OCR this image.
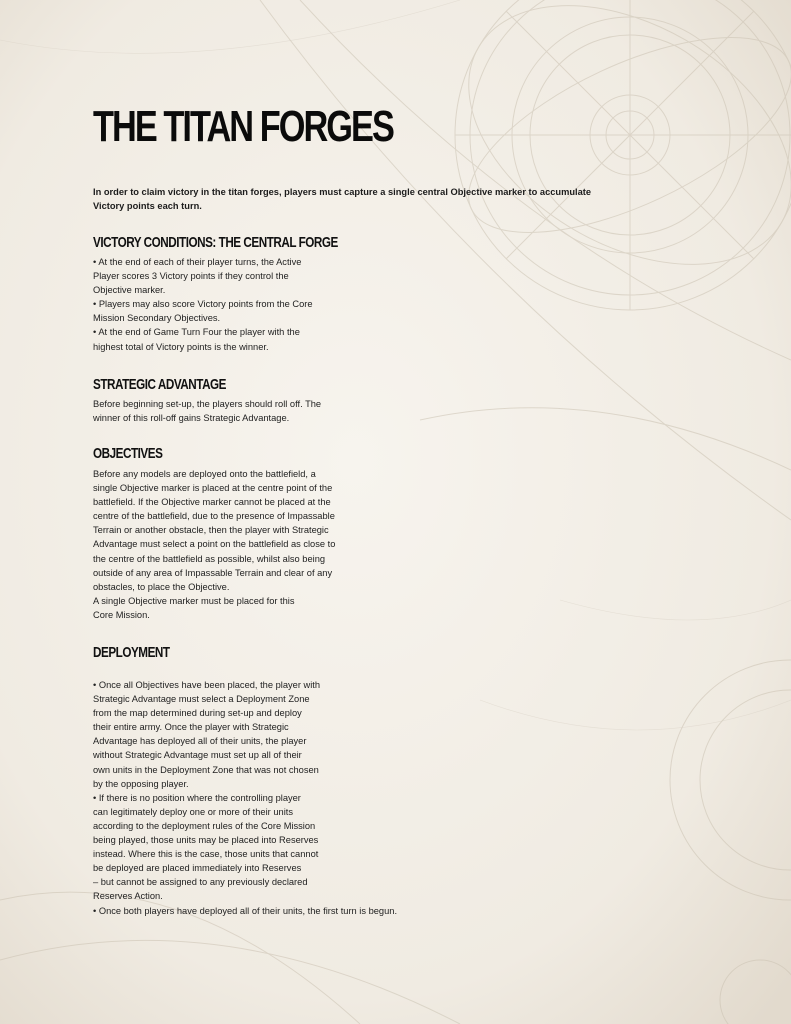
THE TITAN FORGES

In order to claim victory in the titan forges, players must capture a single central Objective marker to accumulate
Victory points each turn.

VICTORY CONDITIONS: THE CENTRAL FORGE
• At the end of each of their player turns, the Active
Player scores 3 Victory points if they control the
Objective marker.
• Players may also score Victory points from the Core
Mission Secondary Objectives.
• At the end of Game Turn Four the player with the
highest total of Victory points is the winner.
STRATEGIC ADVANTAGE
Before beginning set-up, the players should roll off. The
winner of this roll-off gains Strategic Advantage.
OBJECTIVES
Before any models are deployed onto the battlefield, a
single Objective marker is placed at the centre point of the
battlefield. If the Objective marker cannot be placed at the
centre of the battlefield, due to the presence of Impassable
Terrain or another obstacle, then the player with Strategic
Advantage must select a point on the battlefield as close to
the centre of the battlefield as possible, whilst also being
outside of any area of Impassable Terrain and clear of any
obstacles, to place the Objective.
A single Objective marker must be placed for this
Core Mission.
DEPLOYMENT
• Once all Objectives have been placed, the player with
Strategic Advantage must select a Deployment Zone
from the map determined during set-up and deploy
their entire army. Once the player with Strategic
Advantage has deployed all of their units, the player
without Strategic Advantage must set up all of their
own units in the Deployment Zone that was not chosen
by the opposing player.
• If there is no position where the controlling player
can legitimately deploy one or more of their units
according to the deployment rules of the Core Mission
being played, those units may be placed into Reserves
instead. Where this is the case, those units that cannot
be deployed are placed immediately into Reserves
– but cannot be assigned to any previously declared
Reserves Action.
• Once both players have deployed all of their units, the first turn is begun.
